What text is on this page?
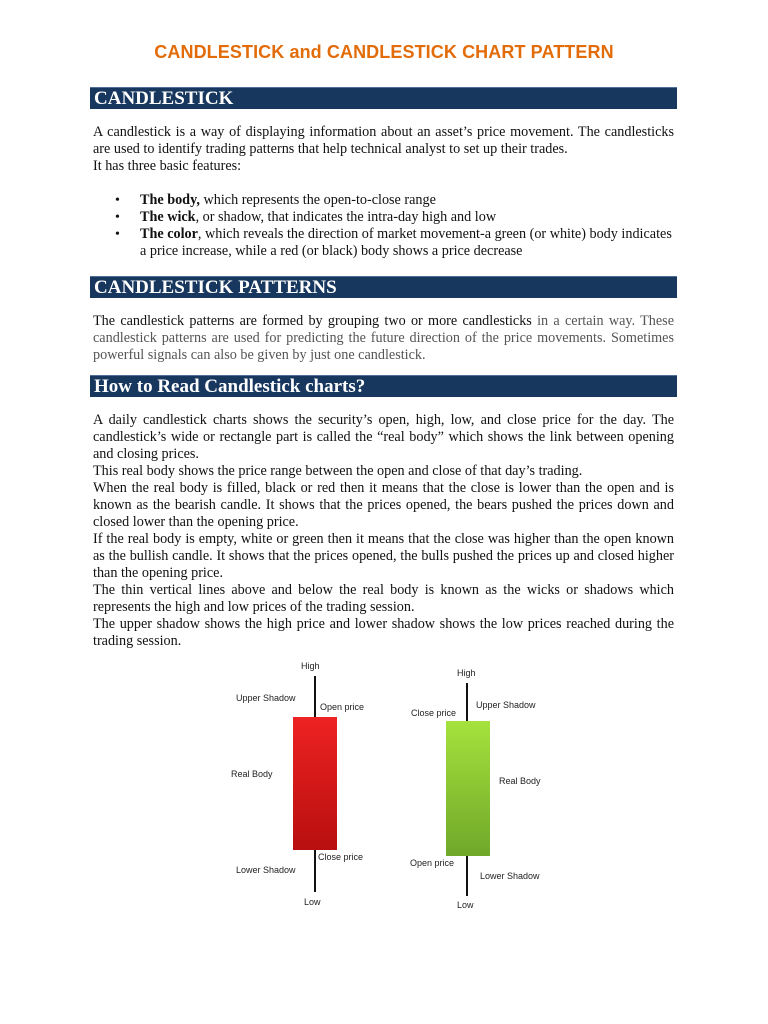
CANDLESTICK and CANDLESTICK CHART PATTERN
CANDLESTICK

A candlestick is a way of displaying information about an asset’s price movement. The candlesticks are used to identify trading patterns that help technical analyst to set up their trades.

It has three basic features:

• The body, which represents the open-to-close range
• The wick, or shadow, that indicates the intra-day high and low
• The color, which reveals the direction of market movement-a green (or white) body indicates a price increase, while a red (or black) body shows a price decrease
CANDLESTICK PATTERNS

The candlestick patterns are formed by grouping two or more candlesticks in a certain way. These candlestick patterns are used for predicting the future direction of the price movements. Sometimes powerful signals can also be given by just one candlestick.

How to Read Candlestick charts?

A daily candlestick charts shows the security’s open, high, low, and close price for the day. The candlestick’s wide or rectangle part is called the “real body” which shows the link between opening and closing prices.

This real body shows the price range between the open and close of that day’s trading.

When the real body is filled, black or red then it means that the close is lower than the open and is known as the bearish candle. It shows that the prices opened, the bears pushed the prices down and closed lower than the opening price.

If the real body is empty, white or green then it means that the close was higher than the open known as the bullish candle. It shows that the prices opened, the bulls pushed the prices up and closed higher than the opening price.

The thin vertical lines above and below the real body is known as the wicks or shadows which represents the high and low prices of the trading session.

The upper shadow shows the high price and lower shadow shows the low prices reached during the trading session.

High
Upper Shadow
Open price
Real Body
Close price
Lower Shadow
Low
High
Upper Shadow
Close price
Real Body
Open price
Lower Shadow
Low
